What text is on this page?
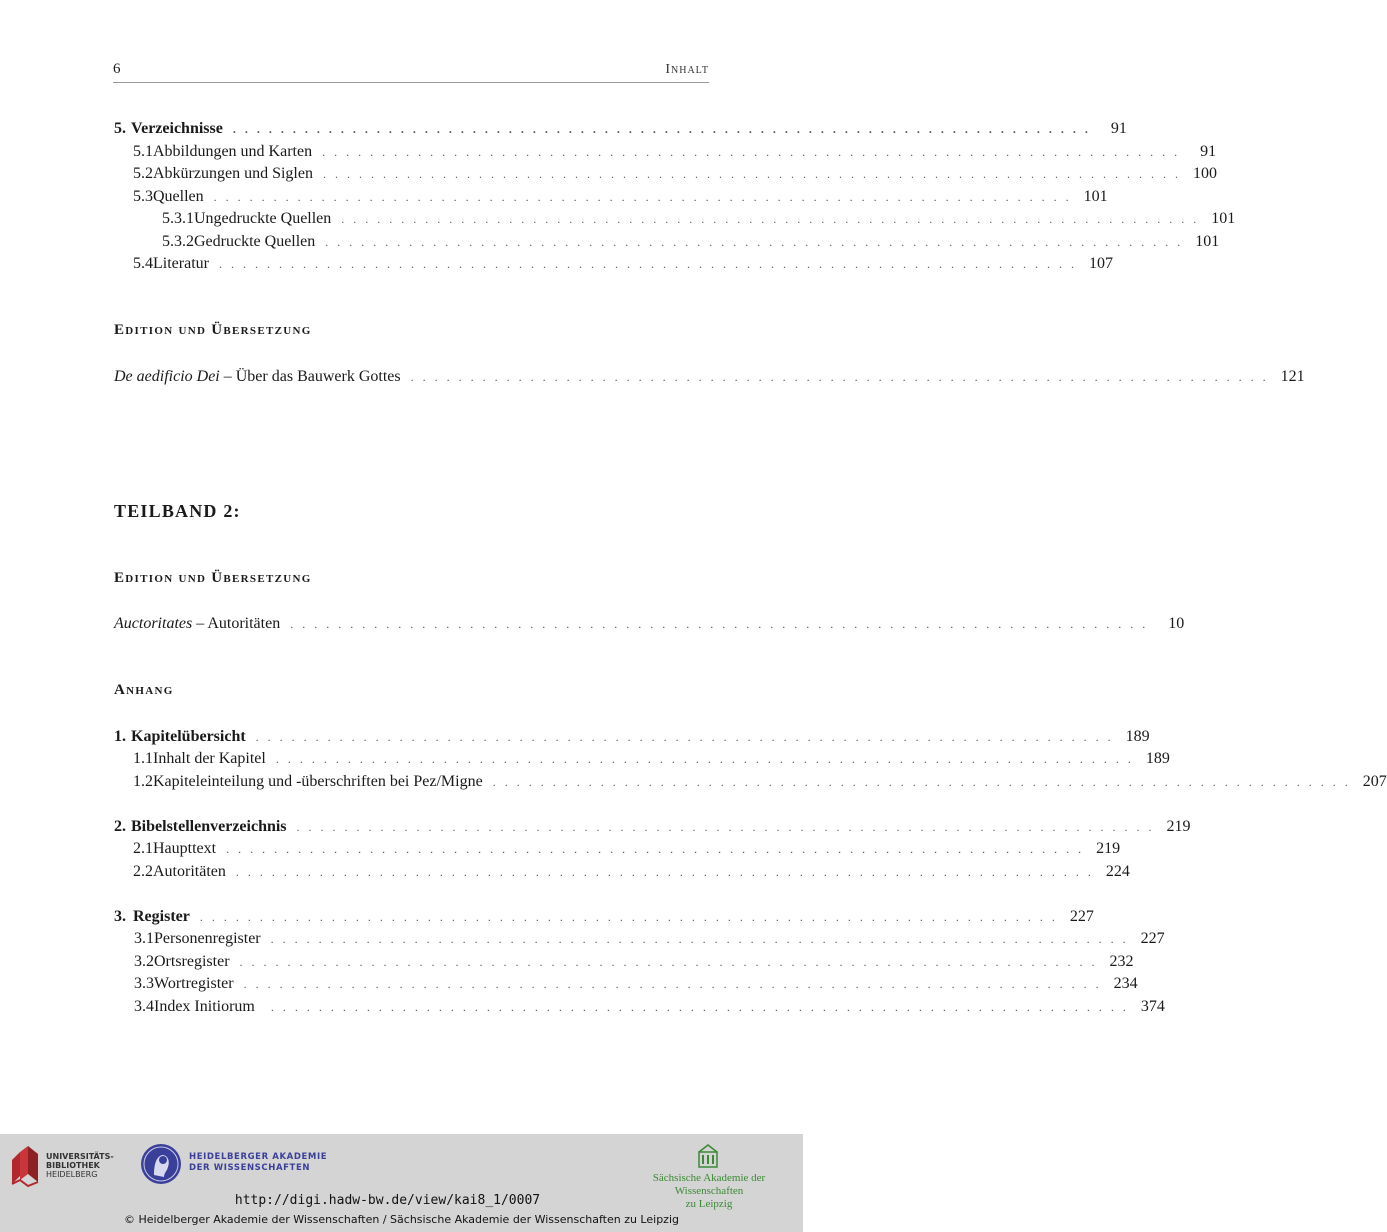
6	Inhalt
5. Verzeichnisse . . . . . . . . . . . . . . . . . . . . . . . . . . . . . . . . . . . . . . . . . . . . . . . . . . . . . . . . . . . . . . . . . . . . . . . .	91
5.1 Abbildungen und Karten . . . . . . . . . . . . . . . . . . . . . . . . . . . . . . . . . . . . . . . . . . . . . . . . . . . . . . . . . . . . . . . . . . . . . . . .	91
5.2 Abkürzungen und Siglen . . . . . . . . . . . . . . . . . . . . . . . . . . . . . . . . . . . . . . . . . . . . . . . . . . . . . . . . . . . . . . . . . . . . . . . . 100
5.3 Quellen . . . . . . . . . . . . . . . . . . . . . . . . . . . . . . . . . . . . . . . . . . . . . . . . . . . . . . . . . . . . . . . . . . . . . . . . 101
5.3.1 Ungedruckte Quellen . . . . . . . . . . . . . . . . . . . . . . . . . . . . . . . . . . . . . . . . . . . . . . . . . . . . . . . . . . . . . . . . . . . . . . . . 101
5.3.2 Gedruckte Quellen . . . . . . . . . . . . . . . . . . . . . . . . . . . . . . . . . . . . . . . . . . . . . . . . . . . . . . . . . . . . . . . . . . . . . . . . 101
5.4 Literatur . . . . . . . . . . . . . . . . . . . . . . . . . . . . . . . . . . . . . . . . . . . . . . . . . . . . . . . . . . . . . . . . . . . . . . . . 107
Edition und Übersetzung
De aedificio Dei – Über das Bauwerk Gottes . . . . . . . . . . . . . . . . . . . . . . . . . . . . . . . . . . . . . . . . . . . . . . . . . . . . . . . . . . . . . . . . . . . . . . . . 121
TEILBAND 2:
Edition und Übersetzung
Auctoritates – Autoritäten . . . . . . . . . . . . . . . . . . . . . . . . . . . . . . . . . . . . . . . . . . . . . . . . . . . . . . . . . . . . . . . . . . . . . . . .	10
Anhang
1. Kapitelübersicht . . . . . . . . . . . . . . . . . . . . . . . . . . . . . . . . . . . . . . . . . . . . . . . . . . . . . . . . . . . . . . . . . . . . . . . . 189
1.1 Inhalt der Kapitel . . . . . . . . . . . . . . . . . . . . . . . . . . . . . . . . . . . . . . . . . . . . . . . . . . . . . . . . . . . . . . . . . . . . . . . . 189
1.2 Kapiteleinteilung und -überschriften bei Pez/Migne . . . . . . . . . . . . . . . . . . . . . . . . . . . . . . . . . . . . . . . . . . . . . . . . . . . . . . . . . . . . . . . . . . . . . . . . 207
2. Bibelstellenverzeichnis . . . . . . . . . . . . . . . . . . . . . . . . . . . . . . . . . . . . . . . . . . . . . . . . . . . . . . . . . . . . . . . . . . . . . . . . 219
2.1 Haupttext . . . . . . . . . . . . . . . . . . . . . . . . . . . . . . . . . . . . . . . . . . . . . . . . . . . . . . . . . . . . . . . . . . . . . . . . 219
2.2 Autoritäten . . . . . . . . . . . . . . . . . . . . . . . . . . . . . . . . . . . . . . . . . . . . . . . . . . . . . . . . . . . . . . . . . . . . . . . . 224
3. Register . . . . . . . . . . . . . . . . . . . . . . . . . . . . . . . . . . . . . . . . . . . . . . . . . . . . . . . . . . . . . . . . . . . . . . . . 227
3.1 Personenregister . . . . . . . . . . . . . . . . . . . . . . . . . . . . . . . . . . . . . . . . . . . . . . . . . . . . . . . . . . . . . . . . . . . . . . . . 227
3.2 Ortsregister . . . . . . . . . . . . . . . . . . . . . . . . . . . . . . . . . . . . . . . . . . . . . . . . . . . . . . . . . . . . . . . . . . . . . . . . 232
3.3 Wortregister . . . . . . . . . . . . . . . . . . . . . . . . . . . . . . . . . . . . . . . . . . . . . . . . . . . . . . . . . . . . . . . . . . . . . . . . 234
3.4 Index Initiorum . . . . . . . . . . . . . . . . . . . . . . . . . . . . . . . . . . . . . . . . . . . . . . . . . . . . . . . . . . . . . . . . . . . . . . . . 374
UNIVERSITÄTS-
BIBLIOTHEK
HEIDELBERG
HEIDELBERGER AKADEMIE
DER WISSENSCHAFTEN
Sächsische Akademie der Wissenschaften
zu Leipzig
http://digi.hadw-bw.de/view/kai8_1/0007
© Heidelberger Akademie der Wissenschaften / Sächsische Akademie der Wissenschaften zu Leipzig
